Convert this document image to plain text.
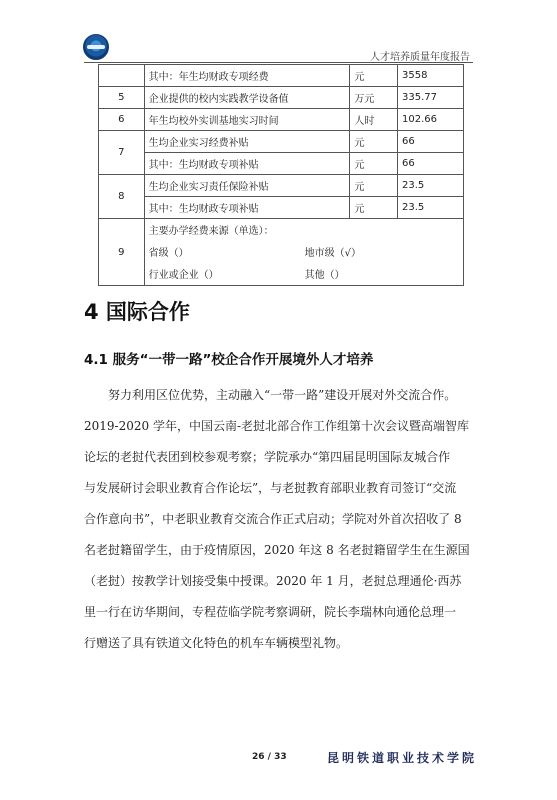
人才培养质量年度报告
	其中：年生均财政专项经费	元	3558
5	企业提供的校内实践教学设备值	万元	335.77
6	年生均校外实训基地实习时间	人时	102.66
7	生均企业实习经费补贴	元	66
	其中：生均财政专项补贴	元	66
8	生均企业实习责任保险补贴	元	23.5
	其中：生均财政专项补贴	元	23.5
9	主要办学经费来源（单选）：
省级（） 地市级（√）
行业或企业（） 其他（）		
4 国际合作
4.1 服务“一带一路”校企合作开展境外人才培养
努力利用区位优势，主动融入“一带一路”建设开展对外交流合作。
2019-2020 学年，中国云南-老挝北部合作工作组第十次会议暨高端智库
论坛的老挝代表团到校参观考察；学院承办“第四届昆明国际友城合作
与发展研讨会职业教育合作论坛”，与老挝教育部职业教育司签订“交流
合作意向书”，中老职业教育交流合作正式启动；学院对外首次招收了 8
名老挝籍留学生，由于疫情原因，2020 年这 8 名老挝籍留学生在生源国
（老挝）按教学计划接受集中授课。2020 年 1 月，老挝总理通伦·西苏
里一行在访华期间，专程莅临学院考察调研，院长李瑞林向通伦总理一
行赠送了具有铁道文化特色的机车车辆模型礼物。
26 / 33	昆明铁道职业技术学院
